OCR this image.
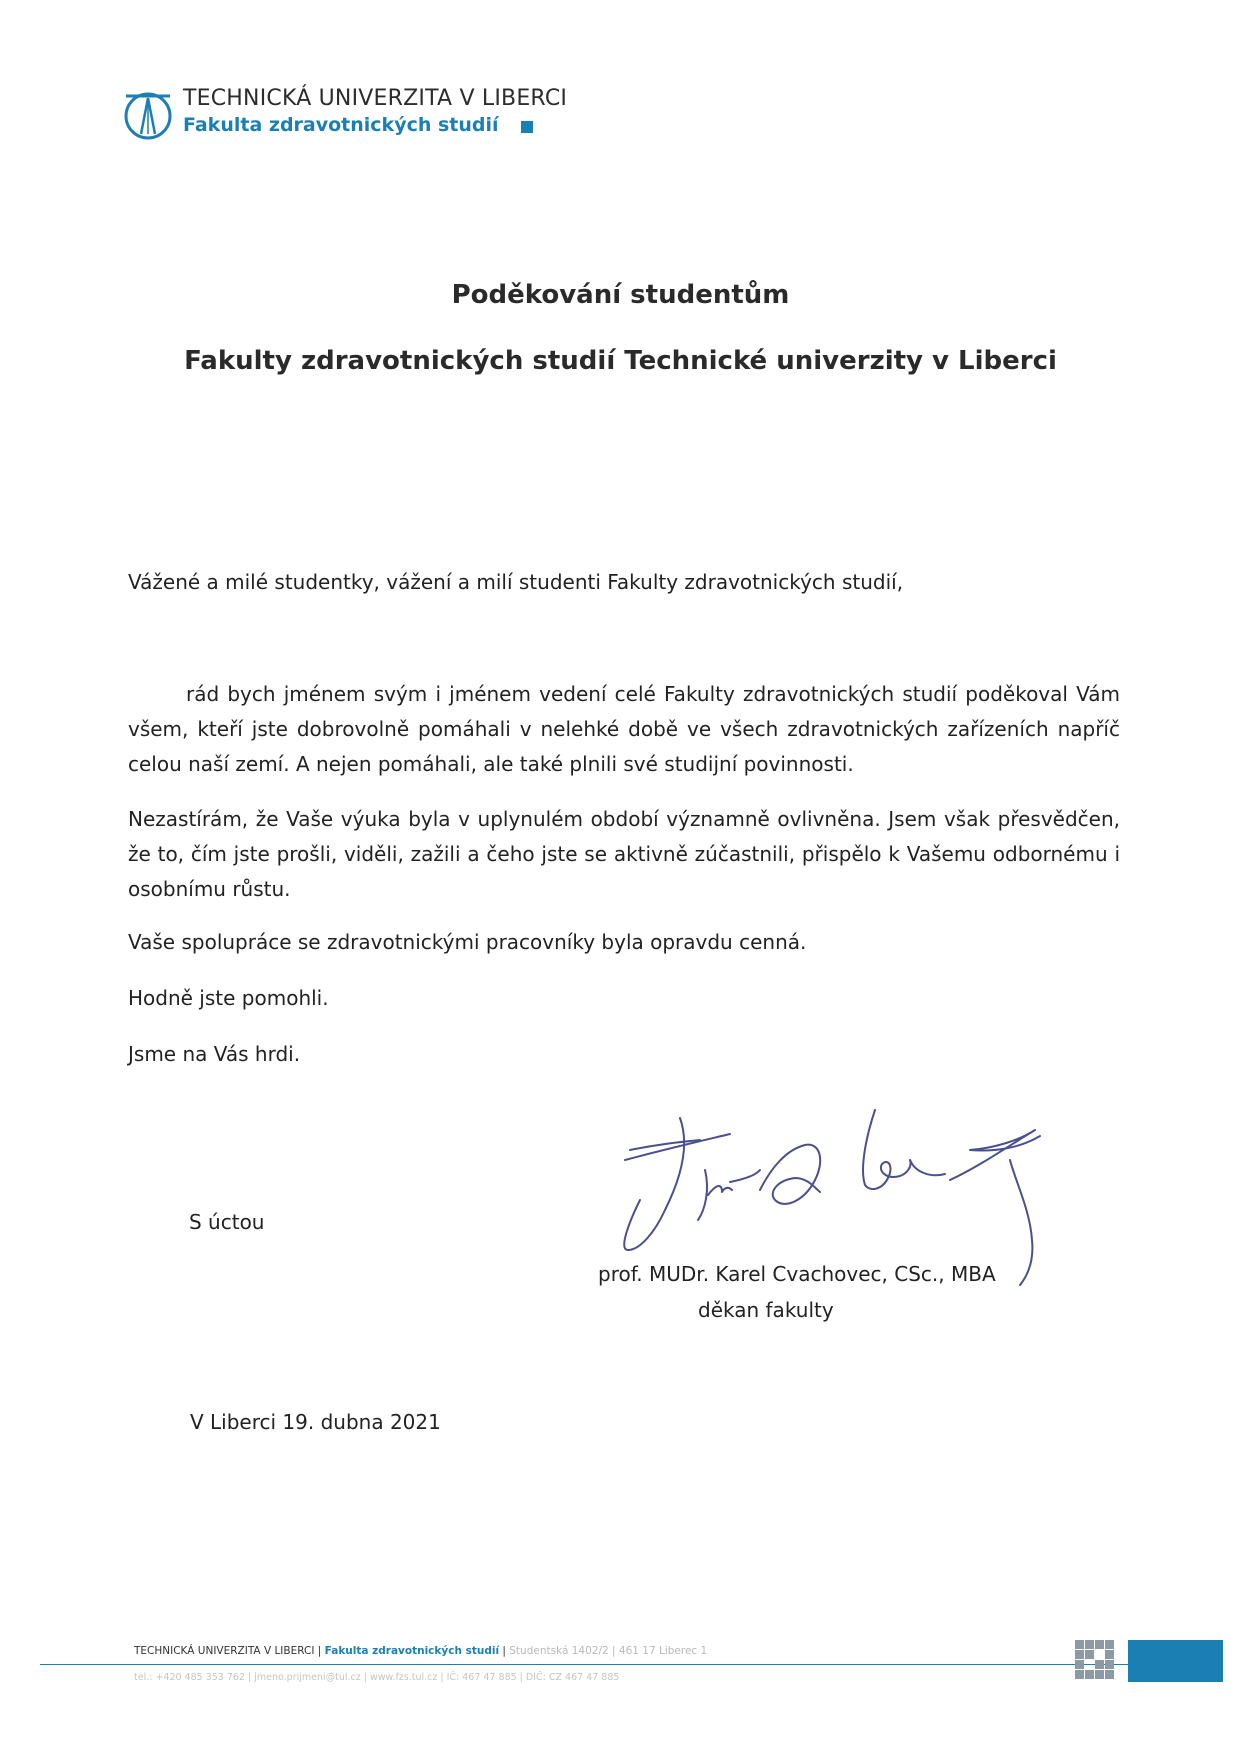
TECHNICKÁ UNIVERZITA V LIBERCI
Fakulta zdravotnických studií
Poděkování studentům
Fakulty zdravotnických studií Technické univerzity v Liberci
Vážené a milé studentky, vážení a milí studenti Fakulty zdravotnických studií,
rád bych jménem svým i jménem vedení celé Fakulty zdravotnických studií poděkoval Vám všem, kteří jste dobrovolně pomáhali v nelehké době ve všech zdravotnických zařízeních napříč celou naší zemí. A nejen pomáhali, ale také plnili své studijní povinnosti.
Nezastírám, že Vaše výuka byla v uplynulém období významně ovlivněna. Jsem však přesvědčen, že to, čím jste prošli, viděli, zažili a čeho jste se aktivně zúčastnili, přispělo k Vašemu odbornému i osobnímu růstu.
Vaše spolupráce se zdravotnickými pracovníky byla opravdu cenná.
Hodně jste pomohli.
Jsme na Vás hrdi.
S úctou
prof. MUDr. Karel Cvachovec, CSc., MBA
děkan fakulty
V Liberci 19. dubna 2021
TECHNICKÁ UNIVERZITA V LIBERCI | Fakulta zdravotnických studií | Studentská 1402/2 | 461 17 Liberec 1
tel.: +420 485 353 762 | jmeno.prijmeni@tul.cz | www.fzs.tul.cz | IČ: 467 47 885 | DIČ: CZ 467 47 885
